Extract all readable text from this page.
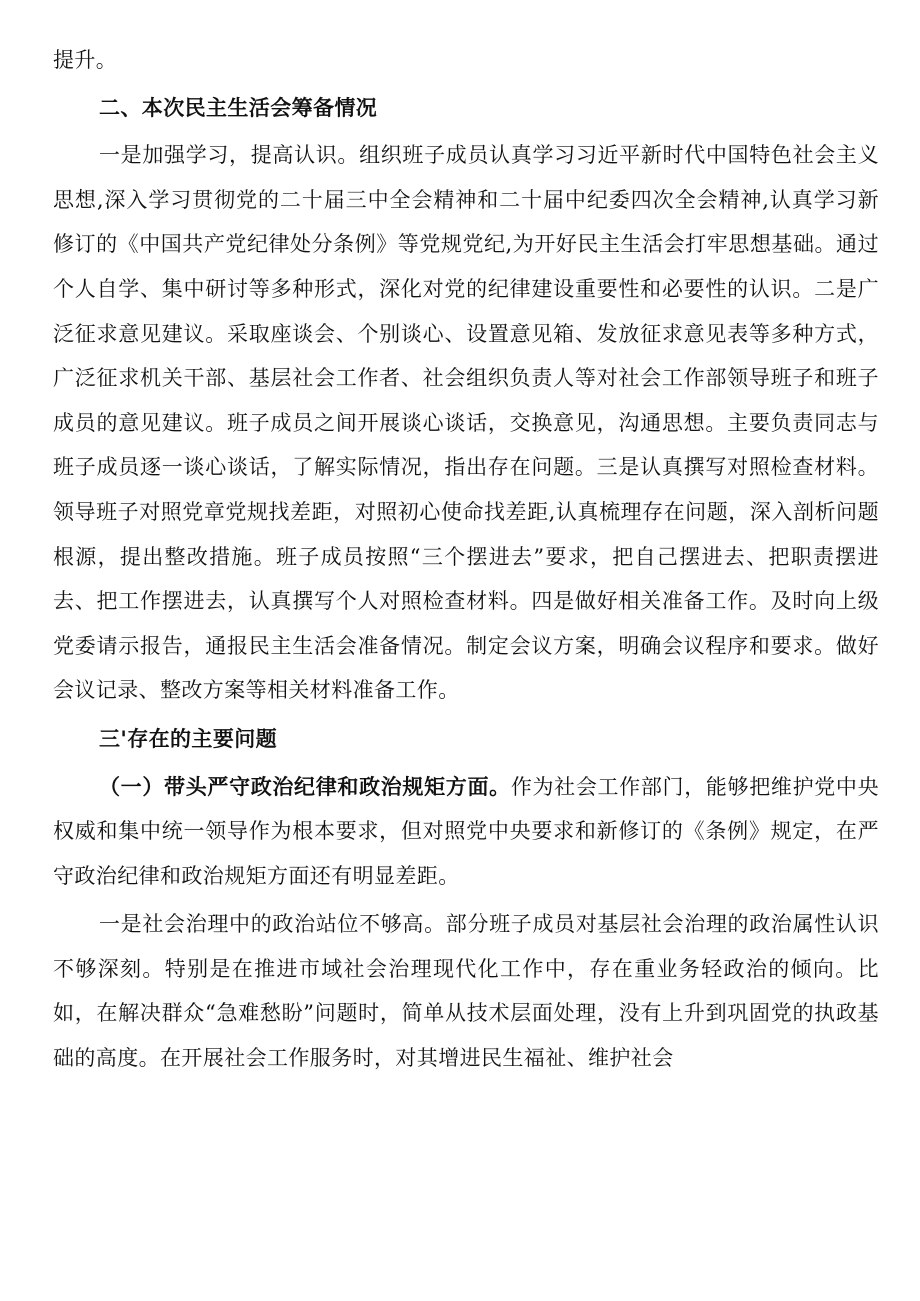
提升。

二、本次民主生活会筹备情况

一是加强学习，提高认识。组织班子成员认真学习习近平新时代中国特色社会主义思想,深入学习贯彻党的二十届三中全会精神和二十届中纪委四次全会精神,认真学习新修订的《中国共产党纪律处分条例》等党规党纪,为开好民主生活会打牢思想基础。通过个人自学、集中研讨等多种形式，深化对党的纪律建设重要性和必要性的认识。二是广泛征求意见建议。采取座谈会、个别谈心、设置意见箱、发放征求意见表等多种方式，广泛征求机关干部、基层社会工作者、社会组织负责人等对社会工作部领导班子和班子成员的意见建议。班子成员之间开展谈心谈话，交换意见，沟通思想。主要负责同志与班子成员逐一谈心谈话，了解实际情况，指出存在问题。三是认真撰写对照检查材料。领导班子对照党章党规找差距，对照初心使命找差距,认真梳理存在问题，深入剖析问题根源，提出整改措施。班子成员按照“三个摆进去”要求，把自己摆进去、把职责摆进去、把工作摆进去，认真撰写个人对照检查材料。四是做好相关准备工作。及时向上级党委请示报告，通报民主生活会准备情况。制定会议方案，明确会议程序和要求。做好会议记录、整改方案等相关材料准备工作。

三'存在的主要问题

（一）带头严守政治纪律和政治规矩方面。作为社会工作部门，能够把维护党中央权威和集中统一领导作为根本要求，但对照党中央要求和新修订的《条例》规定，在严守政治纪律和政治规矩方面还有明显差距。

一是社会治理中的政治站位不够高。部分班子成员对基层社会治理的政治属性认识不够深刻。特别是在推进市域社会治理现代化工作中，存在重业务轻政治的倾向。比如，在解决群众“急难愁盼”问题时，简单从技术层面处理，没有上升到巩固党的执政基础的高度。在开展社会工作服务时，对其增进民生福祉、维护社会
